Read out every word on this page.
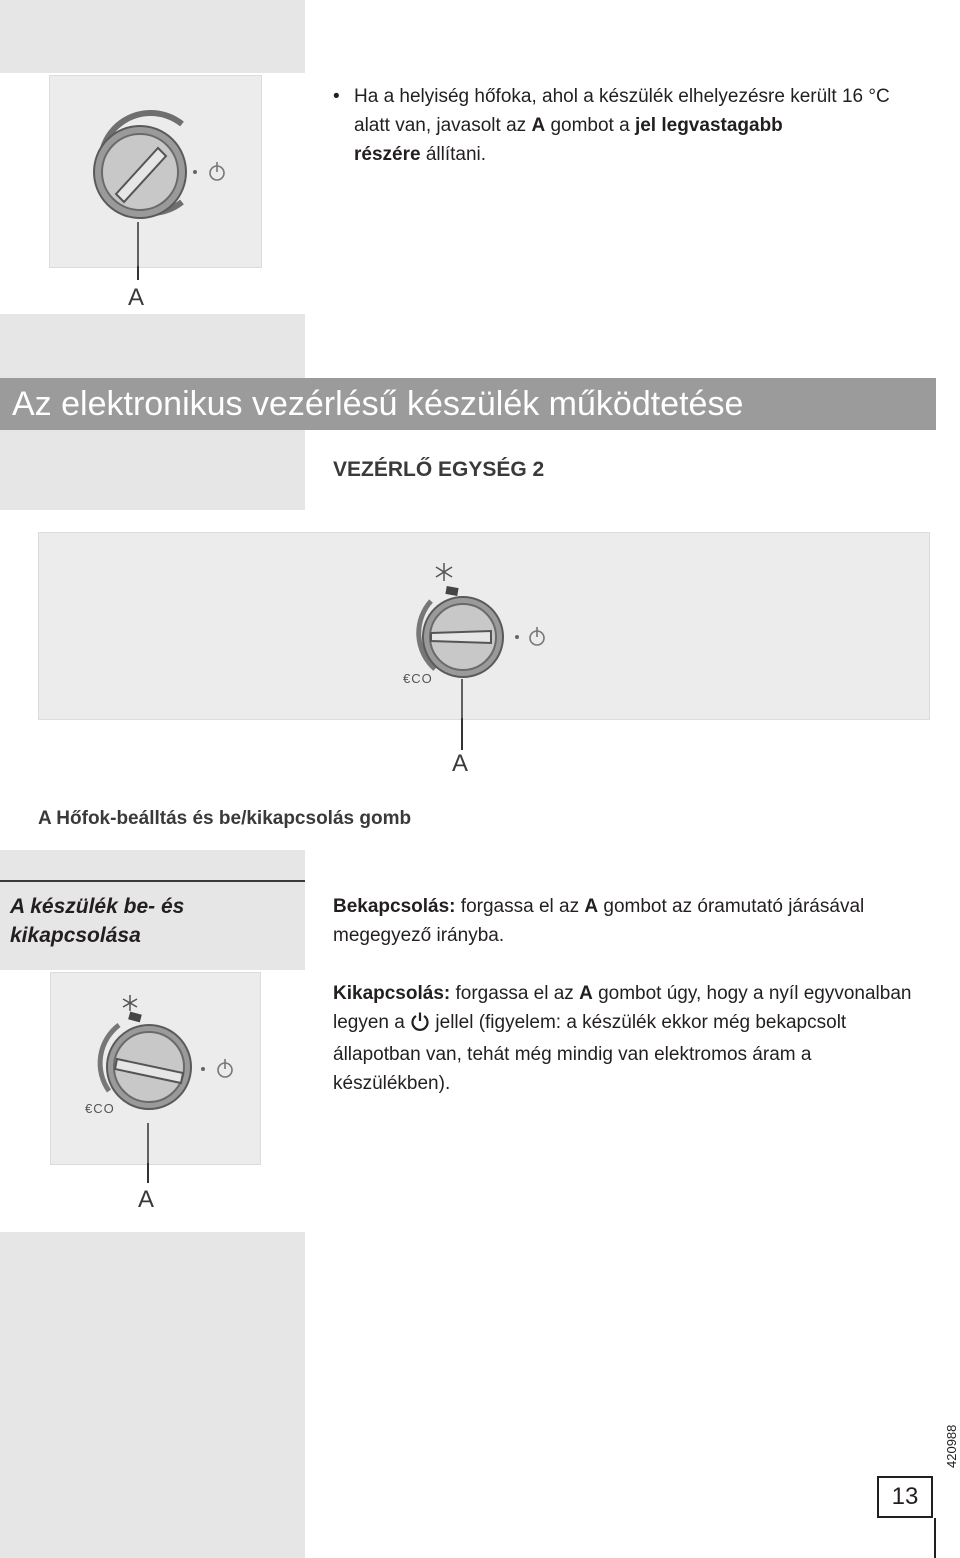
A
• Ha a helyiség hőfoka, ahol a készülék elhelyezésre került 16 °C alatt van, javasolt az A gombot a jel legvastagabb
részére állítani.
Az elektronikus vezérlésű készülék működtetése
VEZÉRLŐ EGYSÉG 2
€CO
A
A Hőfok-beálltás és be/kikapcsolás gomb
A készülék be- és
kikapcsolása
Bekapcsolás: forgassa el az A gombot az óramutató járásával megegyező irányba.
Kikapcsolás: forgassa el az A gombot úgy, hogy a nyíl egyvonalban legyen a  jellel (figyelem: a készülék ekkor még bekapcsolt állapotban van, tehát még mindig van elektromos áram a készülékben).
€CO
A
420988
13
